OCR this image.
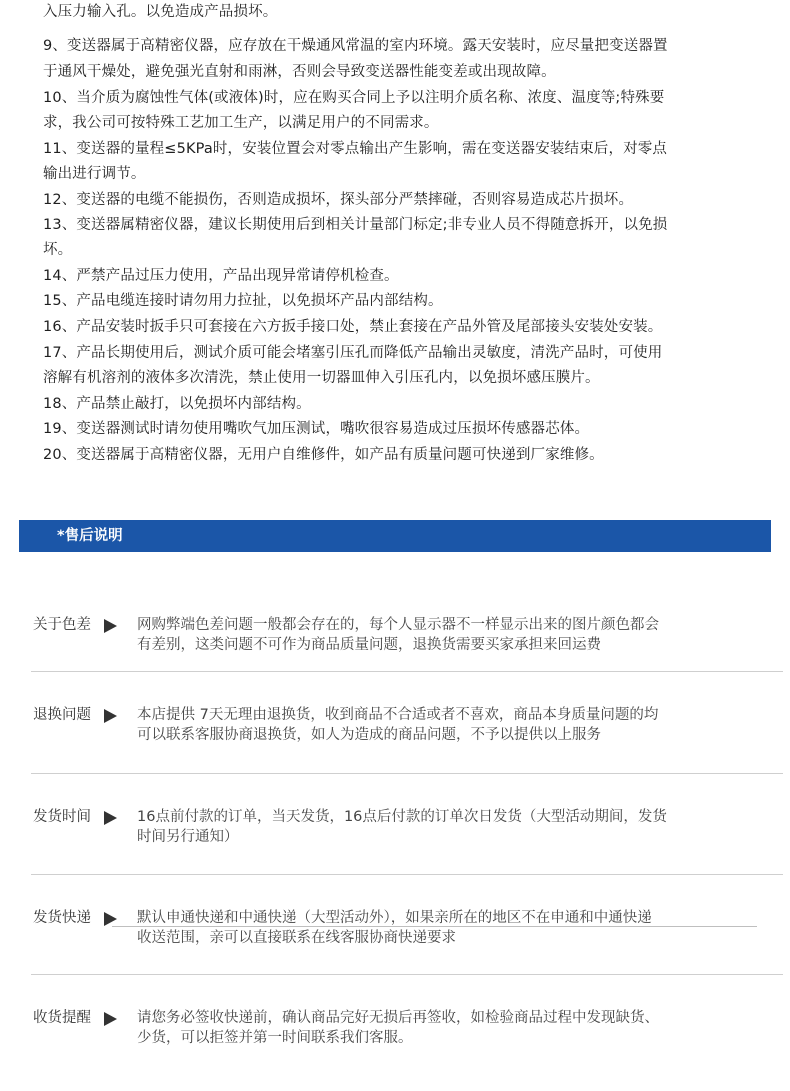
入压力输入孔。以免造成产品损坏。
9、变送器属于高精密仪器，应存放在干燥通风常温的室内环境。露天安装时，应尽量把变送器置
于通风干燥处，避免强光直射和雨淋，否则会导致变送器性能变差或出现故障。
10、当介质为腐蚀性气体(或液体)时，应在购买合同上予以注明介质名称、浓度、温度等;特殊要
求，我公司可按特殊工艺加工生产，以满足用户的不同需求。
11、变送器的量程≤5KPa时，安装位置会对零点输出产生影响，需在变送器安装结束后，对零点
输出进行调节。
12、变送器的电缆不能损伤，否则造成损坏，探头部分严禁摔碰，否则容易造成芯片损坏。
13、变送器属精密仪器，建议长期使用后到相关计量部门标定;非专业人员不得随意拆开，以免损
坏。
14、严禁产品过压力使用，产品出现异常请停机检查。
15、产品电缆连接时请勿用力拉扯，以免损坏产品内部结构。
16、产品安装时扳手只可套接在六方扳手接口处，禁止套接在产品外管及尾部接头安装处安装。
17、产品长期使用后，测试介质可能会堵塞引压孔而降低产品输出灵敏度，清洗产品时，可使用
溶解有机溶剂的液体多次清洗，禁止使用一切器皿伸入引压孔内，以免损坏感压膜片。
18、产品禁止敲打，以免损坏内部结构。
19、变送器测试时请勿使用嘴吹气加压测试，嘴吹很容易造成过压损坏传感器芯体。
20、变送器属于高精密仪器，无用户自维修件，如产品有质量问题可快递到厂家维修。
*售后说明
关于色差	网购弊端色差问题一般都会存在的，每个人显示器不一样显示出来的图片颜色都会
有差别，这类问题不可作为商品质量问题，退换货需要买家承担来回运费
退换问题	本店提供 7天无理由退换货，收到商品不合适或者不喜欢，商品本身质量问题的均
可以联系客服协商退换货，如人为造成的商品问题，不予以提供以上服务
发货时间	16点前付款的订单，当天发货，16点后付款的订单次日发货（大型活动期间，发货
时间另行通知）
发货快递	默认申通快递和中通快递（大型活动外），如果亲所在的地区不在申通和中通快递
收送范围，亲可以直接联系在线客服协商快递要求
收货提醒	请您务必签收快递前，确认商品完好无损后再签收，如检验商品过程中发现缺货、
少货，可以拒签并第一时间联系我们客服。
